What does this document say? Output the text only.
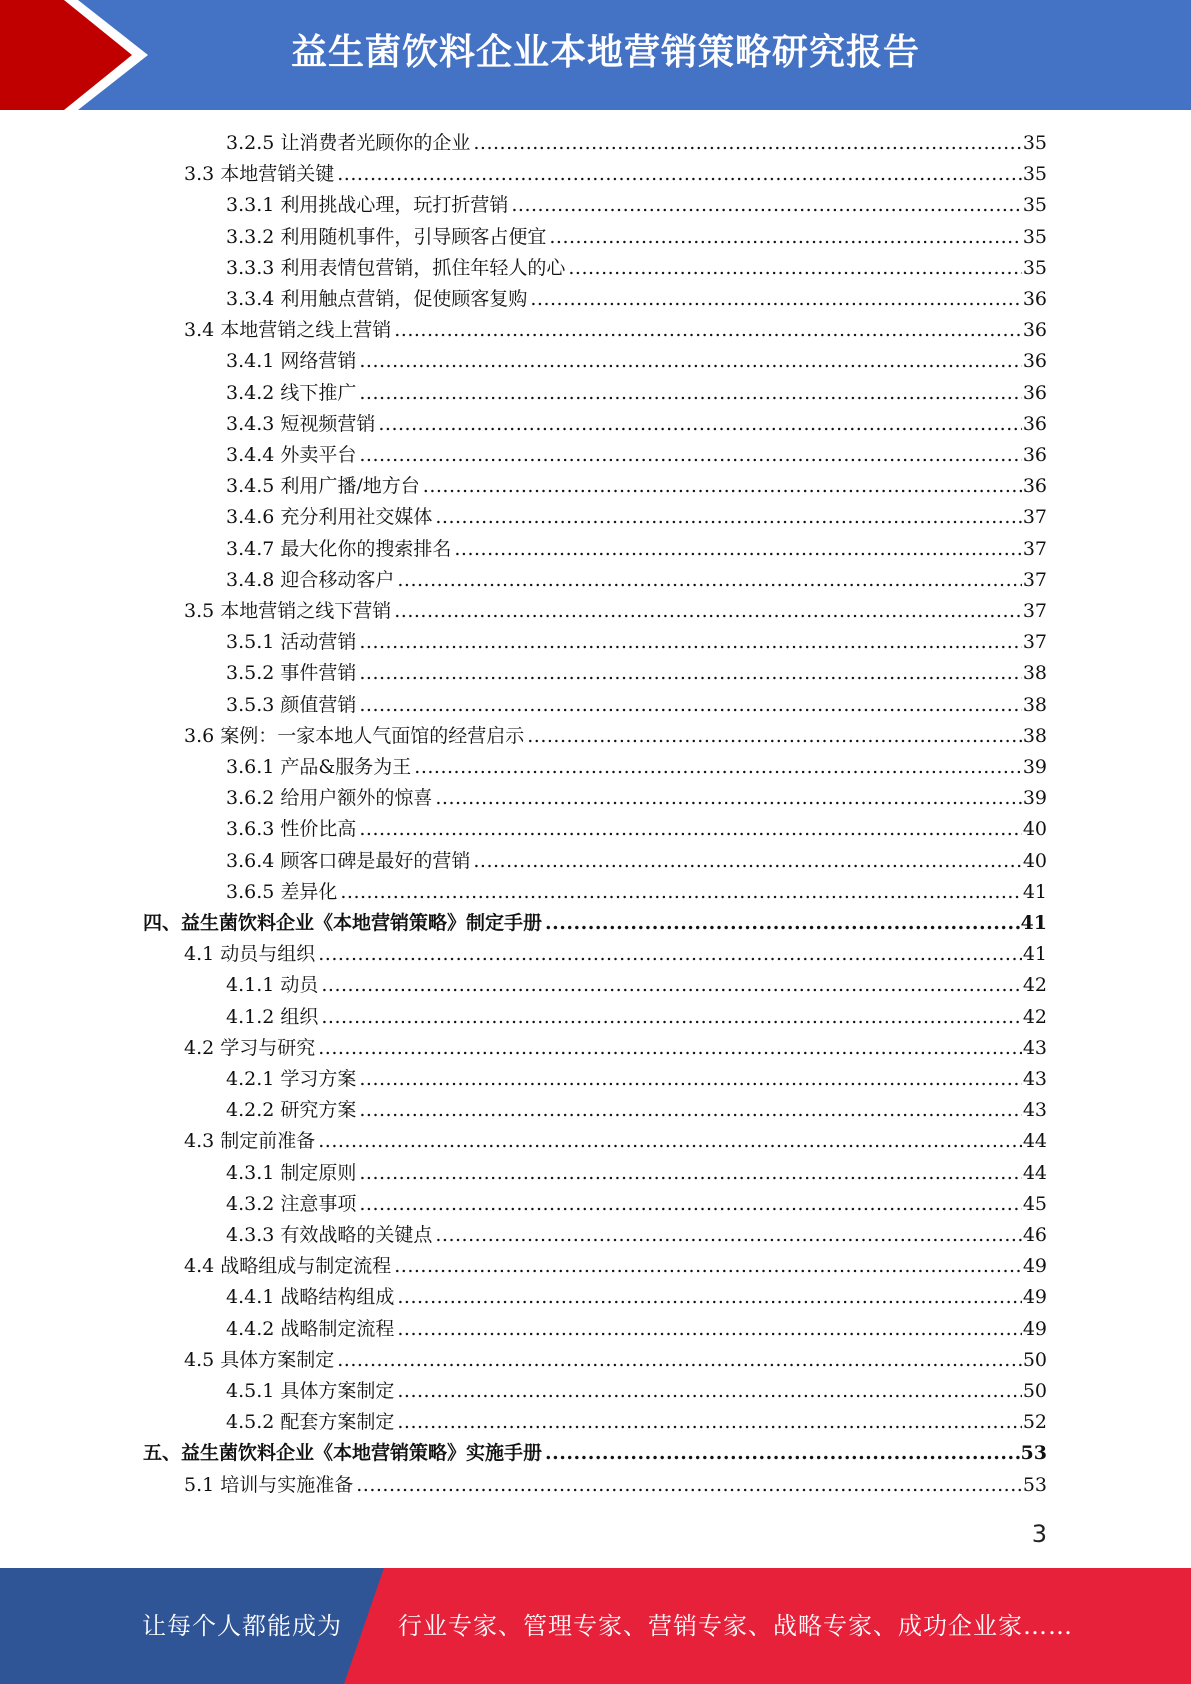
益生菌饮料企业本地营销策略研究报告
3.2.5 让消费者光顾你的企业 .....	35
3.3 本地营销关键 .....	35
3.3.1 利用挑战心理，玩打折营销 .....	35
3.3.2 利用随机事件，引导顾客占便宜 .....	35
3.3.3 利用表情包营销，抓住年轻人的心 .....	35
3.3.4 利用触点营销，促使顾客复购 .....	36
3.4 本地营销之线上营销 .....	36
3.4.1 网络营销 .....	36
3.4.2 线下推广 .....	36
3.4.3 短视频营销 .....	36
3.4.4 外卖平台 .....	36
3.4.5 利用广播/地方台 .....	36
3.4.6 充分利用社交媒体 .....	37
3.4.7 最大化你的搜索排名 .....	37
3.4.8 迎合移动客户 .....	37
3.5 本地营销之线下营销 .....	37
3.5.1 活动营销 .....	37
3.5.2 事件营销 .....	38
3.5.3 颜值营销 .....	38
3.6 案例：一家本地人气面馆的经营启示 .....	38
3.6.1 产品&服务为王 .....	39
3.6.2 给用户额外的惊喜 .....	39
3.6.3 性价比高 .....	40
3.6.4 顾客口碑是最好的营销 .....	40
3.6.5 差异化 .....	41
四、益生菌饮料企业《本地营销策略》制定手册 .....	41
4.1 动员与组织 .....	41
4.1.1 动员 .....	42
4.1.2 组织 .....	42
4.2 学习与研究 .....	43
4.2.1 学习方案 .....	43
4.2.2 研究方案 .....	43
4.3 制定前准备 .....	44
4.3.1 制定原则 .....	44
4.3.2 注意事项 .....	45
4.3.3 有效战略的关键点 .....	46
4.4 战略组成与制定流程 .....	49
4.4.1 战略结构组成 .....	49
4.4.2 战略制定流程 .....	49
4.5 具体方案制定 .....	50
4.5.1 具体方案制定 .....	50
4.5.2 配套方案制定 .....	52
五、益生菌饮料企业《本地营销策略》实施手册 .....	53
5.1 培训与实施准备 .....	53
3
让每个人都能成为 行业专家、管理专家、营销专家、战略专家、成功企业家……
